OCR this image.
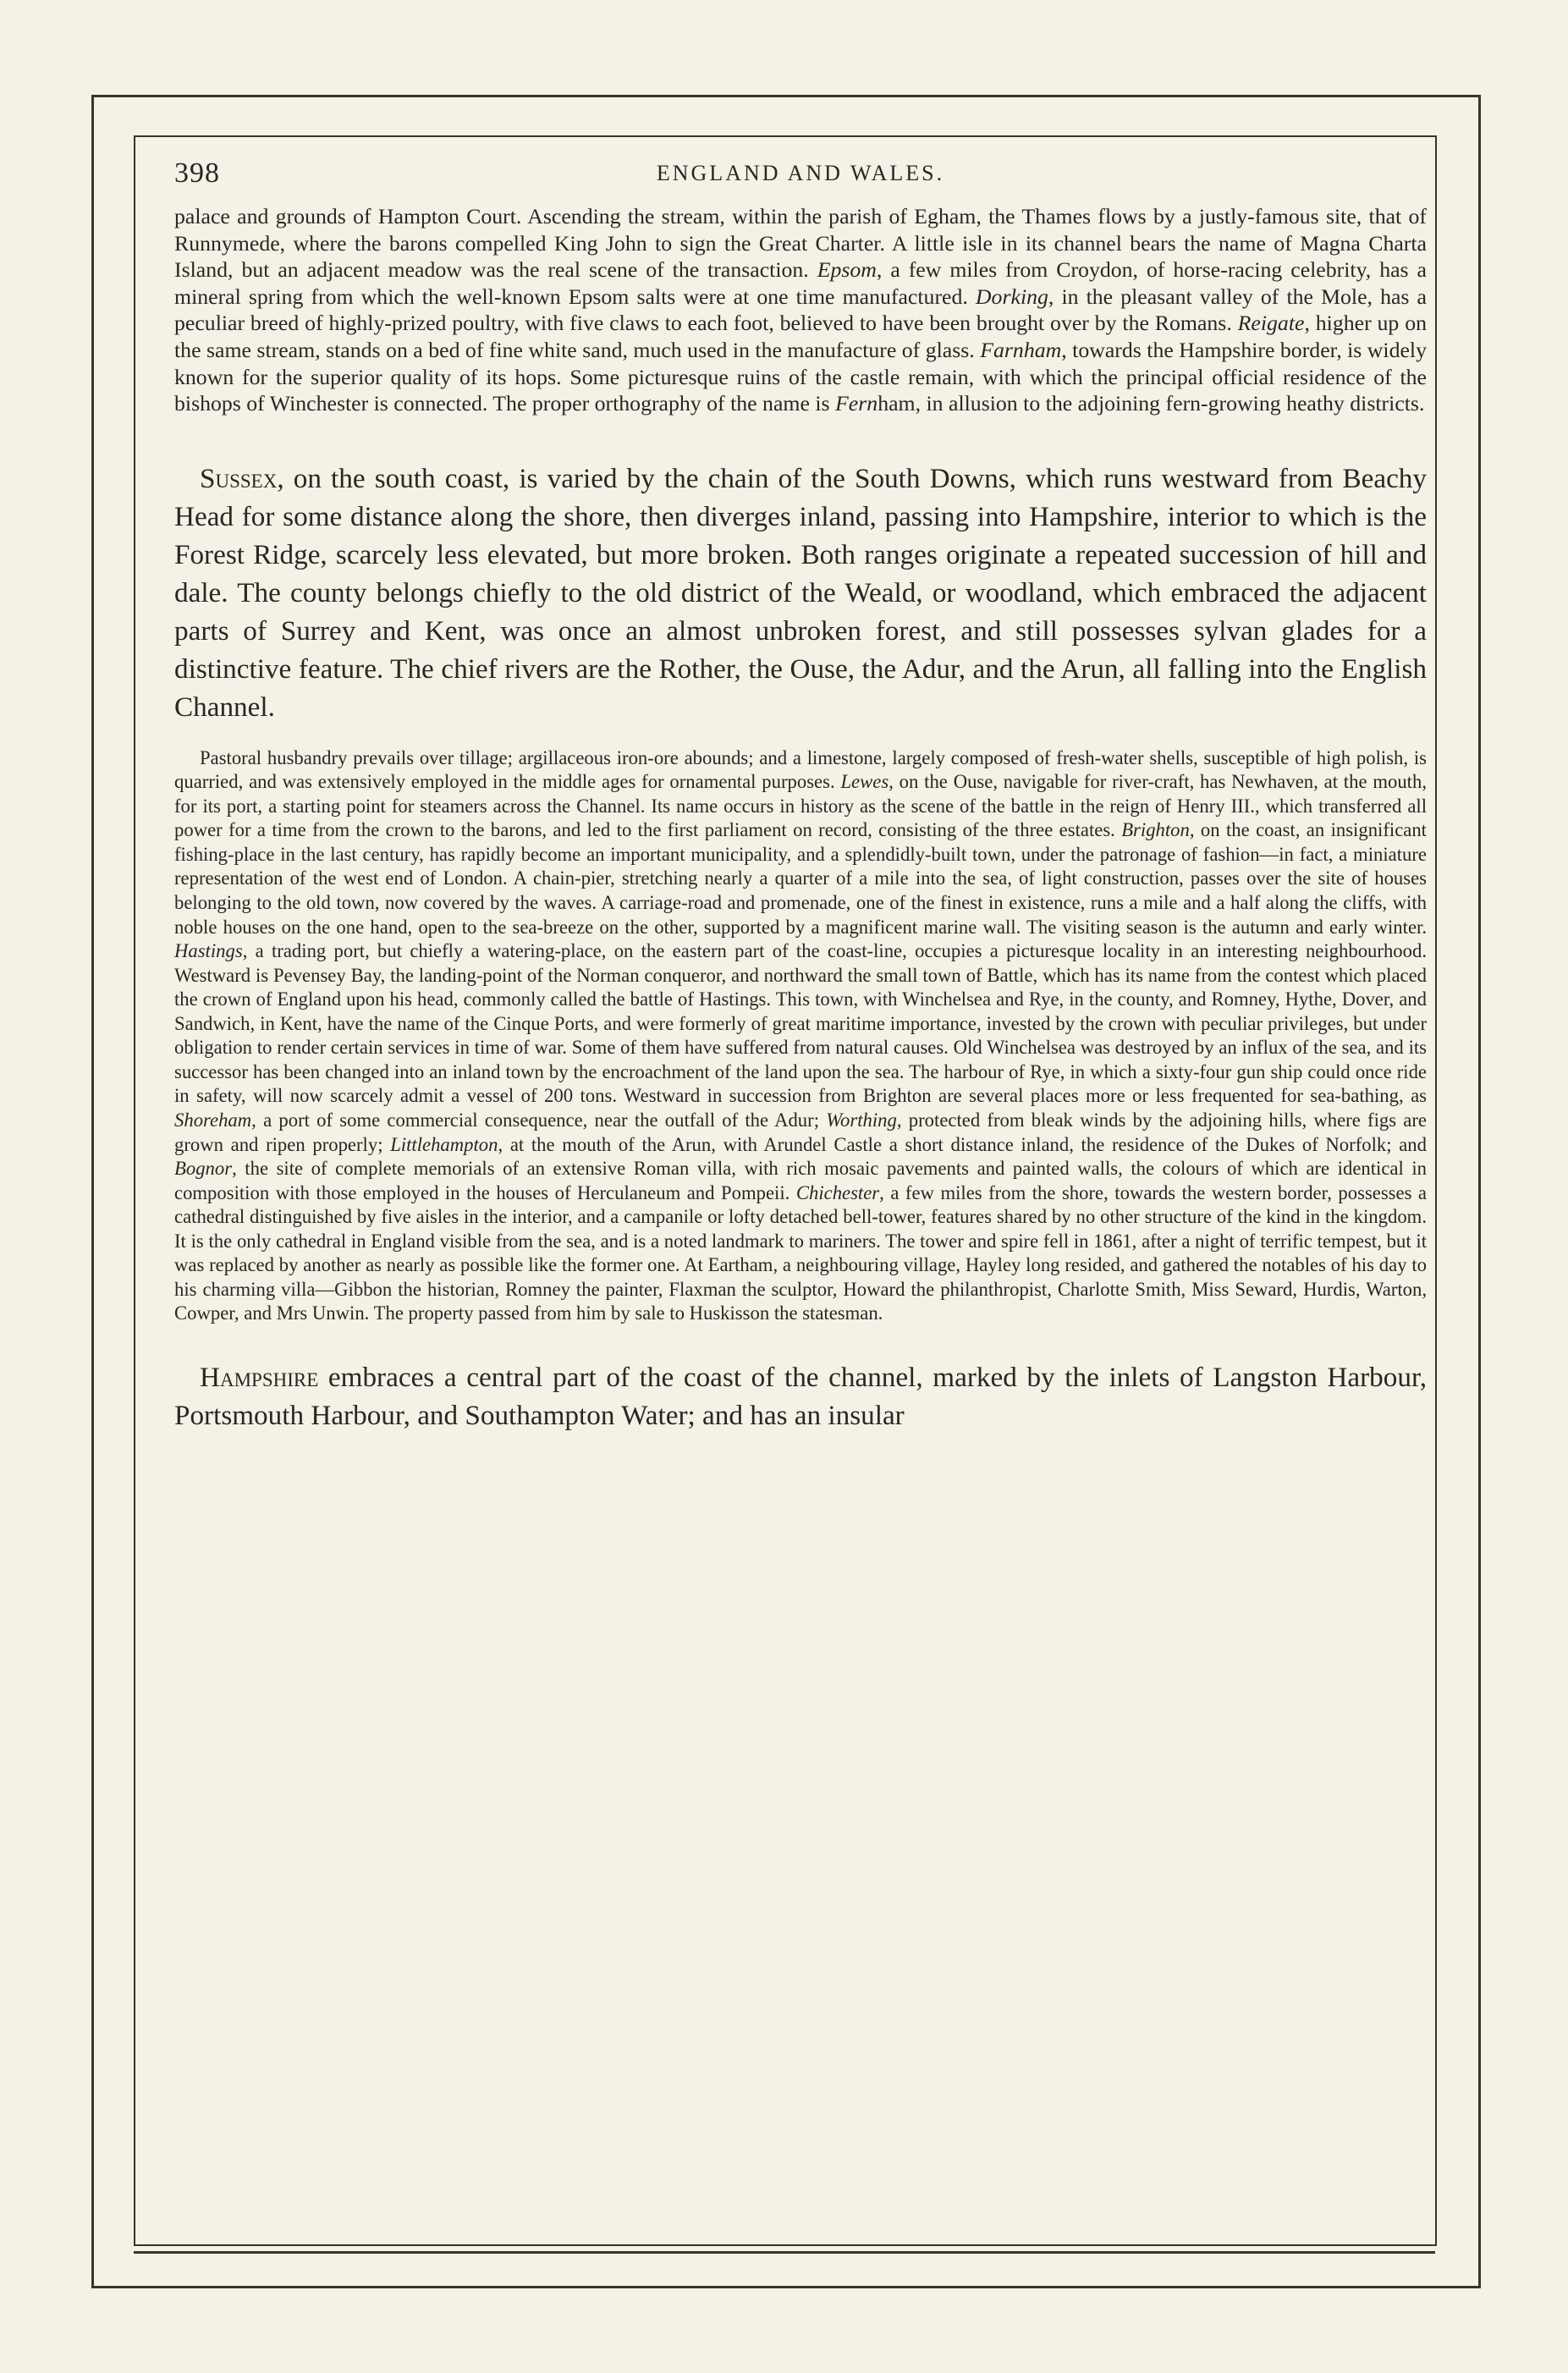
398	ENGLAND AND WALES.

palace and grounds of Hampton Court. Ascending the stream, within the parish of Egham, the Thames flows by a justly-famous site, that of Runnymede, where the barons compelled King John to sign the Great Charter. A little isle in its channel bears the name of Magna Charta Island, but an adjacent meadow was the real scene of the transaction. Epsom, a few miles from Croydon, of horse-racing celebrity, has a mineral spring from which the well-known Epsom salts were at one time manufactured. Dorking, in the pleasant valley of the Mole, has a peculiar breed of highly-prized poultry, with five claws to each foot, believed to have been brought over by the Romans. Reigate, higher up on the same stream, stands on a bed of fine white sand, much used in the manufacture of glass. Farnham, towards the Hampshire border, is widely known for the superior quality of its hops. Some picturesque ruins of the castle remain, with which the principal official residence of the bishops of Winchester is connected. The proper orthography of the name is Fernham, in allusion to the adjoining fern-growing heathy districts.

Sussex, on the south coast, is varied by the chain of the South Downs, which runs westward from Beachy Head for some distance along the shore, then diverges inland, passing into Hampshire, interior to which is the Forest Ridge, scarcely less elevated, but more broken. Both ranges originate a repeated succession of hill and dale. The county belongs chiefly to the old district of the Weald, or woodland, which embraced the adjacent parts of Surrey and Kent, was once an almost unbroken forest, and still possesses sylvan glades for a distinctive feature. The chief rivers are the Rother, the Ouse, the Adur, and the Arun, all falling into the English Channel.

Pastoral husbandry prevails over tillage; argillaceous iron-ore abounds; and a limestone, largely composed of fresh-water shells, susceptible of high polish, is quarried, and was extensively employed in the middle ages for ornamental purposes. Lewes, on the Ouse, navigable for river-craft, has Newhaven, at the mouth, for its port, a starting point for steamers across the Channel. Its name occurs in history as the scene of the battle in the reign of Henry III., which transferred all power for a time from the crown to the barons, and led to the first parliament on record, consisting of the three estates. Brighton, on the coast, an insignificant fishing-place in the last century, has rapidly become an important municipality, and a splendidly-built town, under the patronage of fashion—in fact, a miniature representation of the west end of London. A chain-pier, stretching nearly a quarter of a mile into the sea, of light construction, passes over the site of houses belonging to the old town, now covered by the waves. A carriage-road and promenade, one of the finest in existence, runs a mile and a half along the cliffs, with noble houses on the one hand, open to the sea-breeze on the other, supported by a magnificent marine wall. The visiting season is the autumn and early winter. Hastings, a trading port, but chiefly a watering-place, on the eastern part of the coast-line, occupies a picturesque locality in an interesting neighbourhood. Westward is Pevensey Bay, the landing-point of the Norman conqueror, and northward the small town of Battle, which has its name from the contest which placed the crown of England upon his head, commonly called the battle of Hastings. This town, with Winchelsea and Rye, in the county, and Romney, Hythe, Dover, and Sandwich, in Kent, have the name of the Cinque Ports, and were formerly of great maritime importance, invested by the crown with peculiar privileges, but under obligation to render certain services in time of war. Some of them have suffered from natural causes. Old Winchelsea was destroyed by an influx of the sea, and its successor has been changed into an inland town by the encroachment of the land upon the sea. The harbour of Rye, in which a sixty-four gun ship could once ride in safety, will now scarcely admit a vessel of 200 tons. Westward in succession from Brighton are several places more or less frequented for sea-bathing, as Shoreham, a port of some commercial consequence, near the outfall of the Adur; Worthing, protected from bleak winds by the adjoining hills, where figs are grown and ripen properly; Littlehampton, at the mouth of the Arun, with Arundel Castle a short distance inland, the residence of the Dukes of Norfolk; and Bognor, the site of complete memorials of an extensive Roman villa, with rich mosaic pavements and painted walls, the colours of which are identical in composition with those employed in the houses of Herculaneum and Pompeii. Chichester, a few miles from the shore, towards the western border, possesses a cathedral distinguished by five aisles in the interior, and a campanile or lofty detached bell-tower, features shared by no other structure of the kind in the kingdom. It is the only cathedral in England visible from the sea, and is a noted landmark to mariners. The tower and spire fell in 1861, after a night of terrific tempest, but it was replaced by another as nearly as possible like the former one. At Eartham, a neighbouring village, Hayley long resided, and gathered the notables of his day to his charming villa—Gibbon the historian, Romney the painter, Flaxman the sculptor, Howard the philanthropist, Charlotte Smith, Miss Seward, Hurdis, Warton, Cowper, and Mrs Unwin. The property passed from him by sale to Huskisson the statesman.

Hampshire embraces a central part of the coast of the channel, marked by the inlets of Langston Harbour, Portsmouth Harbour, and Southampton Water; and has an insular
